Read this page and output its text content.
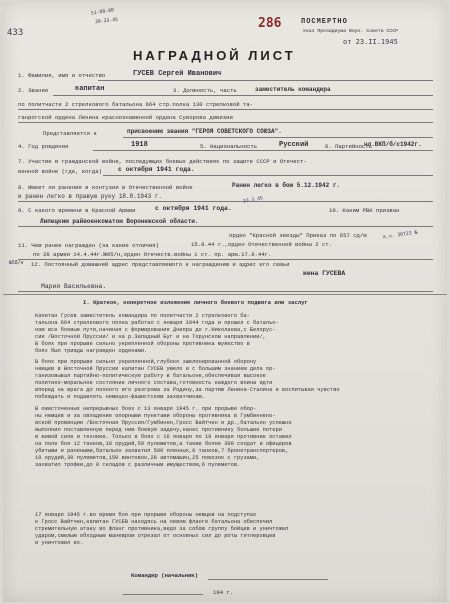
433
51-08-80
30-33-45	286	ПОСМЕРТНО
Указ Президиума Верх. Совета СССР
от 23.II.1945
НАГРАДНОЙ ЛИСТ
1. Фамилия, имя и отчество	ГУСЕВ Сергей Иванович
2. Звание	капитан	3. Должность, часть	заместитель командира
по политчасти 2 стрелкового батальона 664 стр.полка 130 стрелковой та-
ганрогской ордена Ленина краснознаменной ордена Суворова дивизии
Представляется к	присвоению звания "ГЕРОЯ СОВЕТСКОГО СОЮЗА".
4. Год рождения	1918	5. Национальность	Русский	6. Партийность
чл.ВКП/б/с1942г.
7. Участие в гражданской войне, последующих боевых действиях по защите СССР и Отечест-
венной войне (где, когда)	с октября 1941 года.
8. Имеет ли ранения и контузии в Отечественной войне	Ранен легко в бою 5.12.1942 г.
и ранен легко в правую руку 18.8.1943 г.
9. С какого времени в Красной Армии	с октября 1941 года.	10. Каким РВК призван
33.3.45
Липецким райвоенкоматом Воронежской области.
орден "Красной звезды" Приказ по 657 сд/м
11. Чем ранее награжден (за какие отличия)	15.8.44 г.,орден Отечественной войны 2 ст.
по 28 армии 14.4.44г.№95/н,орден Отечеств.войны 1 ст. пр. арм.17.9.44г.
№58/н 12. Постоянный домашний адрес представляемого к награждению и адрес его семьи
жена ГУСЕВА
Мария Васильевна.
в.ч. 30723 №
I. Краткое, конкретное изложение личного боевого подвига или заслуг
Капитан Гусев заместитель командира по политчасти 2 стрелкового ба-
тальона 664 стрелкового полка работал с января 1944 года и прошел с батальо-
ном все боевые пути,начиная с формирования Днепра до г.Николаева,с Белорус-
сии /Восточной Пруссии/ и на р.Западный Буг и на Торунском направлении/,
В боях при прорыве сильно укрепленной обороны противника мужество в
боях был трижды награжден орденами.
В боях при прорыве сильно укрепленной,глубоко эшелонированной оборону
немцев в Восточной Пруссии капитан ГУСЕВ умело и с большим знанием дела ор-
ганизовывал партийно-политическую работу в батальоне,обеспечивая высокое
политико-моральное состояние личного состава,готовность каждого воина идти
вперед на врага до полного его разгрома за Родину,за партию Ленина-Сталина и воспитывая чувство
побеждать и подавлять немецко-фашистским захватчикам.
В ожесточенных непрерывных боях с 13 января 1945 г. при прорыве обор-
ны немцев и за овладение опорными пунктами обороны противника в Гумбиннено-
вской провинции /Восточная Пруссия/Гумбинен,Гросс Вайтчен и др.,батальон успешно
выполнил поставленную перед ним боевую задачу,нанес противнику большие потери
в живой силе и технике. Только в боях с 16 января по 19 января противник оставил
на поле боя 12 танков,18 орудий,59 пулеметов,а также более 300 солдат и офицеров
убитыми и ранеными,батальон захватил 500 пленных,6 танков,7 бронетранспортеров,
10 орудий,30 пулеметов,150 винтовок,28 автомашин,25 повозок с грузами,
захватил трофеи,до 8 складов с различным имуществом,6 пулеметов.
17 января 1945 г.во время боя при прорыве обороны немцев на подступах
к Гросс Вайтчен,капитан ГУСЕВ находясь на левом фланге батальона обеспечил
стремительную атаку во фланг противника,ведя за собою группу бойцев и уничтожил
ударом,смелым обходным маневром отрезал от основных сил до роты гитлеровцев
и уничтожил их.
Командир (начальник)
194 г.
